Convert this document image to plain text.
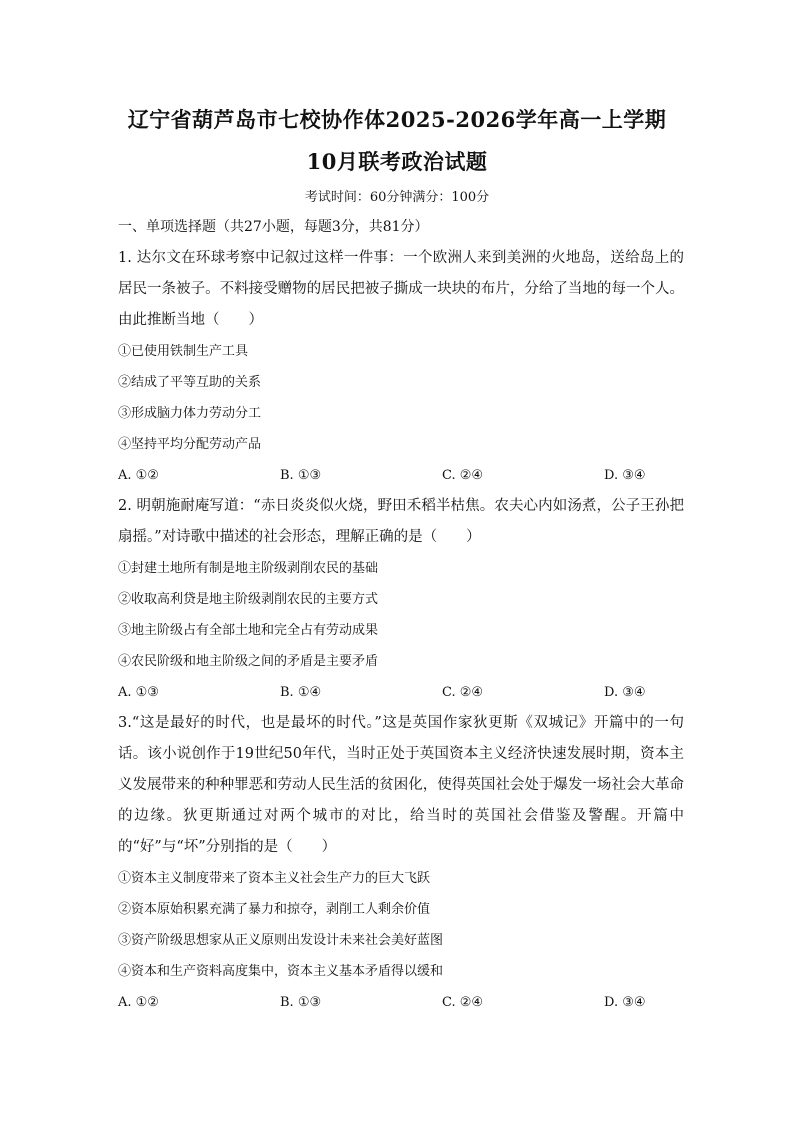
辽宁省葫芦岛市七校协作体2025-2026学年高一上学期
10月联考政治试题
考试时间：60分钟满分：100分
一、单项选择题（共27小题，每题3分，共81分）

1. 达尔文在环球考察中记叙过这样一件事：一个欧洲人来到美洲的火地岛，送给岛上的居民一条被子。不料接受赠物的居民把被子撕成一块块的布片，分给了当地的每一个人。由此推断当地（　　）

①已使用铁制生产工具

②结成了平等互助的关系

③形成脑力体力劳动分工

④坚持平均分配劳动产品

A. ①②	B. ①③	C. ②④	D. ③④

2. 明朝施耐庵写道：“赤日炎炎似火烧，野田禾稻半枯焦。农夫心内如汤煮，公子王孙把扇摇。”对诗歌中描述的社会形态，理解正确的是（　　）

①封建土地所有制是地主阶级剥削农民的基础

②收取高利贷是地主阶级剥削农民的主要方式

③地主阶级占有全部土地和完全占有劳动成果

④农民阶级和地主阶级之间的矛盾是主要矛盾

A. ①③	B. ①④	C. ②④	D. ③④

3.“这是最好的时代，也是最坏的时代。”这是英国作家狄更斯《双城记》开篇中的一句话。该小说创作于19世纪50年代，当时正处于英国资本主义经济快速发展时期，资本主义发展带来的种种罪恶和劳动人民生活的贫困化，使得英国社会处于爆发一场社会大革命的边缘。狄更斯通过对两个城市的对比，给当时的英国社会借鉴及警醒。开篇中的“好”与“坏”分别指的是（　　）

①资本主义制度带来了资本主义社会生产力的巨大飞跃

②资本原始积累充满了暴力和掠夺，剥削工人剩余价值

③资产阶级思想家从正义原则出发设计未来社会美好蓝图

④资本和生产资料高度集中，资本主义基本矛盾得以缓和

A. ①②	B. ①③	C. ②④	D. ③④
